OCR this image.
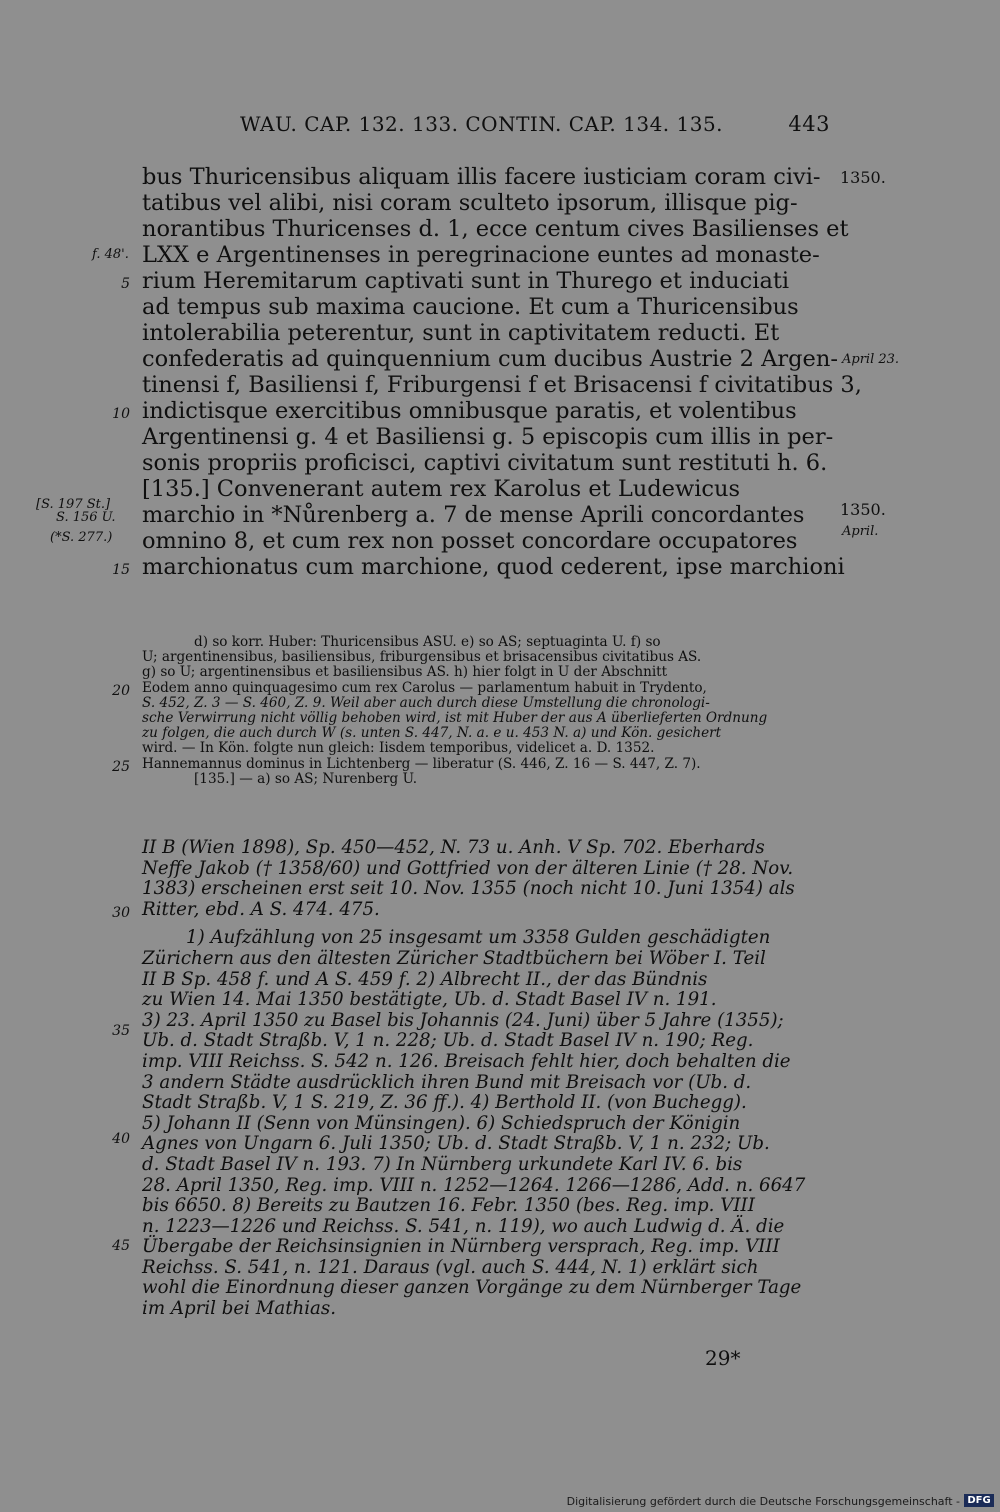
WAU. CAP. 132. 133. CONTIN. CAP. 134. 135.	443
bus Thuricensibus aliquam illis facere iusticiam coram civi-
tatibus vel alibi, nisi coram sculteto ipsorum, illisque pig-
norantibus Thuricenses d. 1, ecce centum cives Basilienses et
LXX e Argentinenses in peregrinacione euntes ad monaste-
rium Heremitarum captivati sunt in Thurego et induciati
ad tempus sub maxima caucione. Et cum a Thuricensibus
intolerabilia peterentur, sunt in captivitatem reducti. Et
confederatis ad quinquennium cum ducibus Austrie 2 Argen-
tinensi f, Basiliensi f, Friburgensi f et Brisacensi f civitatibus 3,
indictisque exercitibus omnibusque paratis, et volentibus
Argentinensi g. 4 et Basiliensi g. 5 episcopis cum illis in per-
sonis propriis proficisci, captivi civitatum sunt restituti h. 6.
[135.] Convenerant autem rex Karolus et Ludewicus
marchio in *Nůrenberg a. 7 de mense Aprili concordantes
omnino 8, et cum rex non posset concordare occupatores
marchionatus cum marchione, quod cederent, ipse marchioni
5
10
15
f. 48'.
[S. 197 St.]
S. 156 U.
(*S. 277.)
1350.
April 23.
1350.
April.
d) so korr. Huber: Thuricensibus ASU. e) so AS; septuaginta U. f) so
U; argentinensibus, basiliensibus, friburgensibus et brisacensibus civitatibus AS.
g) so U; argentinensibus et basiliensibus AS. h) hier folgt in U der Abschnitt
Eodem anno quinquagesimo cum rex Carolus — parlamentum habuit in Trydento,
S. 452, Z. 3 — S. 460, Z. 9. Weil aber auch durch diese Umstellung die chronologi-
sche Verwirrung nicht völlig behoben wird, ist mit Huber der aus A überlieferten Ordnung
zu folgen, die auch durch W (s. unten S. 447, N. a. e u. 453 N. a) und Kön. gesichert
wird. — In Kön. folgte nun gleich: Iisdem temporibus, videlicet a. D. 1352.
Hannemannus dominus in Lichtenberg — liberatur (S. 446, Z. 16 — S. 447, Z. 7).
[135.] — a) so AS; Nurenberg U.
20
25
II B (Wien 1898), Sp. 450—452, N. 73 u. Anh. V Sp. 702. Eberhards
Neffe Jakob († 1358/60) und Gottfried von der älteren Linie († 28. Nov.
1383) erscheinen erst seit 10. Nov. 1355 (noch nicht 10. Juni 1354) als
Ritter, ebd. A S. 474. 475.
1) Aufzählung von 25 insgesamt um 3358 Gulden geschädigten
Zürichern aus den ältesten Züricher Stadtbüchern bei Wöber I. Teil
II B Sp. 458 f. und A S. 459 f. 2) Albrecht II., der das Bündnis
zu Wien 14. Mai 1350 bestätigte, Ub. d. Stadt Basel IV n. 191.
3) 23. April 1350 zu Basel bis Johannis (24. Juni) über 5 Jahre (1355);
Ub. d. Stadt Straßb. V, 1 n. 228; Ub. d. Stadt Basel IV n. 190; Reg.
imp. VIII Reichss. S. 542 n. 126. Breisach fehlt hier, doch behalten die
3 andern Städte ausdrücklich ihren Bund mit Breisach vor (Ub. d.
Stadt Straßb. V, 1 S. 219, Z. 36 ff.). 4) Berthold II. (von Buchegg).
5) Johann II (Senn von Münsingen). 6) Schiedspruch der Königin
Agnes von Ungarn 6. Juli 1350; Ub. d. Stadt Straßb. V, 1 n. 232; Ub.
d. Stadt Basel IV n. 193. 7) In Nürnberg urkundete Karl IV. 6. bis
28. April 1350, Reg. imp. VIII n. 1252—1264. 1266—1286, Add. n. 6647
bis 6650. 8) Bereits zu Bautzen 16. Febr. 1350 (bes. Reg. imp. VIII
n. 1223—1226 und Reichss. S. 541, n. 119), wo auch Ludwig d. Ä. die
Übergabe der Reichsinsignien in Nürnberg versprach, Reg. imp. VIII
Reichss. S. 541, n. 121. Daraus (vgl. auch S. 444, N. 1) erklärt sich
wohl die Einordnung dieser ganzen Vorgänge zu dem Nürnberger Tage
im April bei Mathias.
30
35
40
45
29*
Digitalisierung gefördert durch die Deutsche Forschungsgemeinschaft - DFG
